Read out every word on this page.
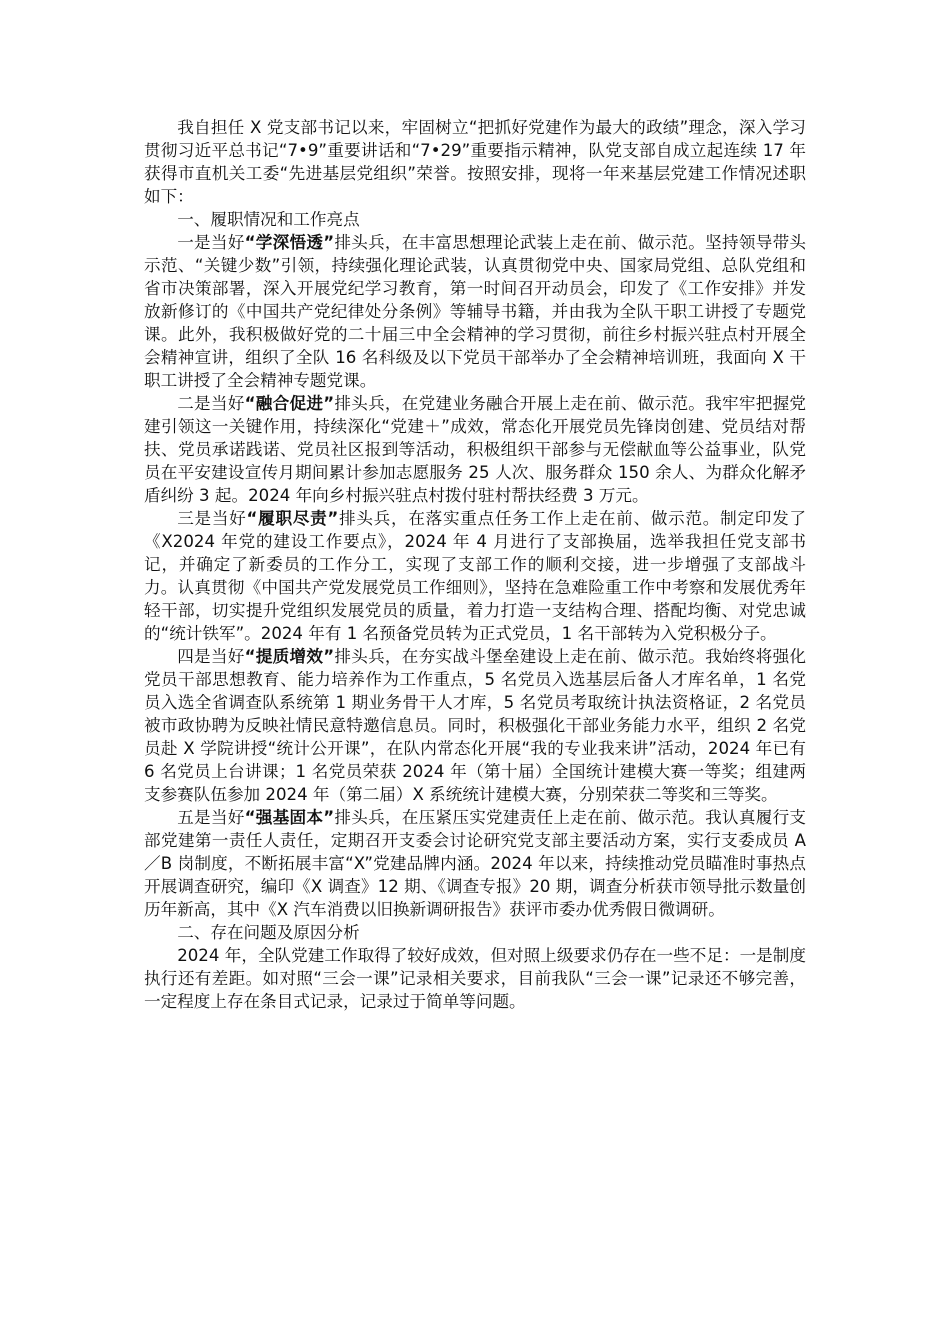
我自担任 X 党支部书记以来，牢固树立“把抓好党建作为最大的政绩”理念，深入学习贯彻习近平总书记“7•9”重要讲话和“7•29”重要指示精神，队党支部自成立起连续 17 年获得市直机关工委“先进基层党组织”荣誉。按照安排，现将一年来基层党建工作情况述职如下：

一、履职情况和工作亮点

一是当好“学深悟透”排头兵，在丰富思想理论武装上走在前、做示范。坚持领导带头示范、“关键少数”引领，持续强化理论武装，认真贯彻党中央、国家局党组、总队党组和省市决策部署，深入开展党纪学习教育，第一时间召开动员会，印发了《工作安排》并发放新修订的《中国共产党纪律处分条例》等辅导书籍，并由我为全队干职工讲授了专题党课。此外，我积极做好党的二十届三中全会精神的学习贯彻，前往乡村振兴驻点村开展全会精神宣讲，组织了全队 16 名科级及以下党员干部举办了全会精神培训班，我面向 X 干职工讲授了全会精神专题党课。

二是当好“融合促进”排头兵，在党建业务融合开展上走在前、做示范。我牢牢把握党建引领这一关键作用，持续深化“党建＋”成效，常态化开展党员先锋岗创建、党员结对帮扶、党员承诺践诺、党员社区报到等活动，积极组织干部参与无偿献血等公益事业，队党员在平安建设宣传月期间累计参加志愿服务 25 人次、服务群众 150 余人、为群众化解矛盾纠纷 3 起。2024 年向乡村振兴驻点村拨付驻村帮扶经费 3 万元。

三是当好“履职尽责”排头兵，在落实重点任务工作上走在前、做示范。制定印发了《X2024 年党的建设工作要点》，2024 年 4 月进行了支部换届，选举我担任党支部书记，并确定了新委员的工作分工，实现了支部工作的顺利交接，进一步增强了支部战斗力。认真贯彻《中国共产党发展党员工作细则》，坚持在急难险重工作中考察和发展优秀年轻干部，切实提升党组织发展党员的质量，着力打造一支结构合理、搭配均衡、对党忠诚的“统计铁军”。2024 年有 1 名预备党员转为正式党员，1 名干部转为入党积极分子。

四是当好“提质增效”排头兵，在夯实战斗堡垒建设上走在前、做示范。我始终将强化党员干部思想教育、能力培养作为工作重点，5 名党员入选基层后备人才库名单，1 名党员入选全省调查队系统第 1 期业务骨干人才库，5 名党员考取统计执法资格证，2 名党员被市政协聘为反映社情民意特邀信息员。同时，积极强化干部业务能力水平，组织 2 名党员赴 X 学院讲授“统计公开课”，在队内常态化开展“我的专业我来讲”活动，2024 年已有 6 名党员上台讲课；1 名党员荣获 2024 年（第十届）全国统计建模大赛一等奖；组建两支参赛队伍参加 2024 年（第二届）X 系统统计建模大赛，分别荣获二等奖和三等奖。

五是当好“强基固本”排头兵，在压紧压实党建责任上走在前、做示范。我认真履行支部党建第一责任人责任，定期召开支委会讨论研究党支部主要活动方案，实行支委成员 A／B 岗制度，不断拓展丰富“X”党建品牌内涵。2024 年以来，持续推动党员瞄准时事热点开展调查研究，编印《X 调查》12 期、《调查专报》20 期，调查分析获市领导批示数量创历年新高，其中《X 汽车消费以旧换新调研报告》获评市委办优秀假日微调研。

二、存在问题及原因分析

2024 年，全队党建工作取得了较好成效，但对照上级要求仍存在一些不足：一是制度执行还有差距。如对照“三会一课”记录相关要求，目前我队“三会一课”记录还不够完善，一定程度上存在条目式记录，记录过于简单等问题。
